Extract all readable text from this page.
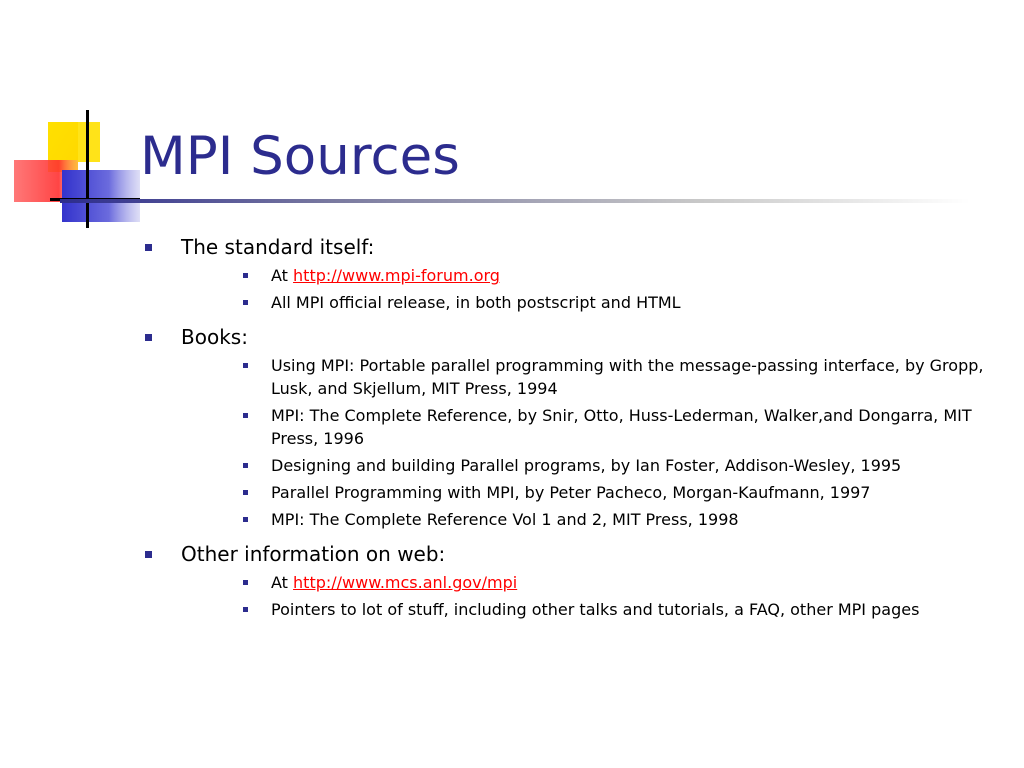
MPI Sources
The standard itself:
At http://www.mpi-forum.org
All MPI official release, in both postscript and HTML
Books:
Using MPI: Portable parallel programming with the message-passing interface, by Gropp, Lusk, and Skjellum, MIT Press, 1994
MPI: The Complete Reference, by Snir, Otto, Huss-Lederman, Walker,and Dongarra, MIT Press, 1996
Designing and building Parallel programs, by Ian Foster, Addison-Wesley, 1995
Parallel Programming with MPI, by Peter Pacheco, Morgan-Kaufmann, 1997
MPI: The Complete Reference Vol 1 and 2, MIT Press, 1998
Other information on web:
At http://www.mcs.anl.gov/mpi
Pointers to lot of stuff, including other talks and tutorials, a FAQ, other MPI pages
